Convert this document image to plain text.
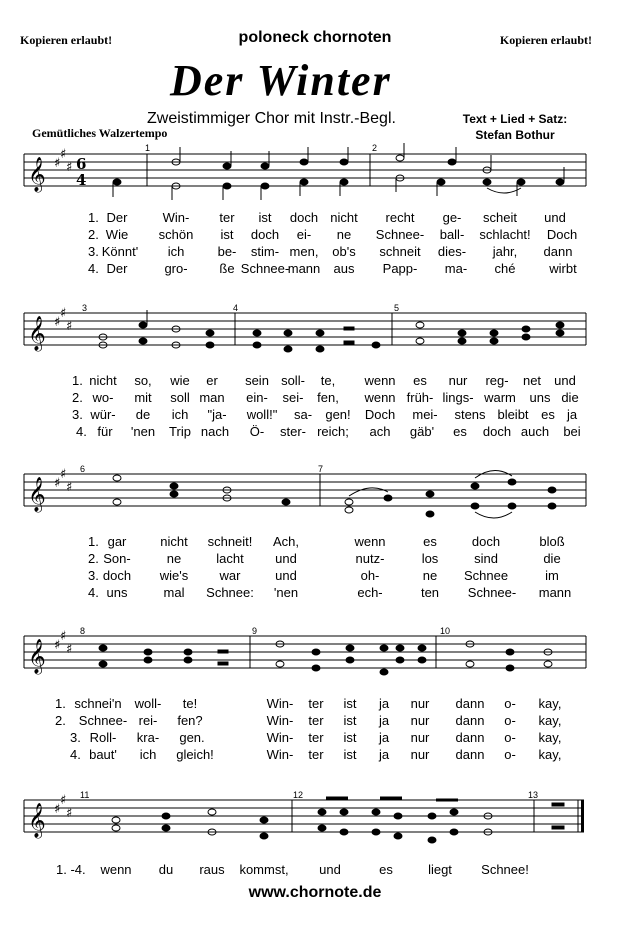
Kopieren erlaubt!	poloneck chornoten	Kopieren erlaubt!
Der Winter
Zweistimmiger Chor mit Instr.-Begl.	Text + Lied + Satz:
Stefan Bothur
Gemütliches Walzertempo
𝄞 ♯
♯
♯ 6
4
1	2
1. Der	Win- ter ist doch nicht recht ge- scheit und
2. Wie schön ist doch ei- ne Schnee- ball- schlacht! Doch
3. Könnt' ich	be- stim- men, ob's schneit dies- jahr, dann
4. Der	gro- ße Schnee-
mann aus Papp- ma- ché	wirbt
𝄞 ♯
♯
♯
3	4	5
1. nicht so, wie er sein soll- te, wenn es nur reg- net und
2. wo- mit soll man ein- sei- fen, wenn früh- lings- warm uns die
3. wür- de ich "ja- woll!" sa- gen! Doch mei- stens bleibt es ja
4. für 'nen Trip nach Ö- ster- reich; ach gäb' es doch auch bei
𝄞 ♯
♯
♯
6	7
1. gar	nicht schneit! Ach,	wenn	es	doch	bloß
2. Son-	ne	lacht und	nutz-	los	sind	die
3. doch wie's war	und	oh-	ne Schnee	im
4. uns	mal Schnee: 'nen	ech-	ten Schnee- mann
𝄞 ♯
♯
♯
8	9	10
1. schnei'n woll- te!	Win- ter ist ja nur dann o- kay,
2. Schnee- rei- fen?	Win- ter ist ja nur dann o- kay,
3. Roll- kra- gen.	Win- ter ist ja nur dann o- kay,
4. baut' ich gleich!	Win- ter ist ja nur dann o- kay,
𝄞 ♯
♯
♯
11	12	13
1. -4. wenn du raus kommst, und	es	liegt Schnee!
www.chornote.de
